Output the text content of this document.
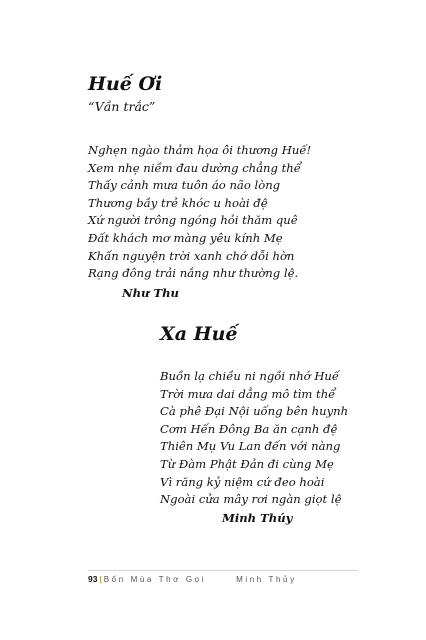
Huế Ơi
“Vần trắc”
Nghẹn ngào thảm họa ôi thương Huế!
Xem nhẹ niềm đau dường chẳng thể
Thấy cảnh mưa tuôn áo não lòng
Thương bầy trẻ khóc u hoài đệ
Xứ người trông ngóng hỏi thăm quê
Đất khách mơ màng yêu kính Mẹ
Khấn nguyện trời xanh chớ dỗi hờn
Rạng đông trải nắng như thường lệ.
Như Thu
Xa Huế
Buồn lạ chiều ni ngồi nhớ Huế
Trời mưa dai dẳng mô tìm thể
Cà phê Đại Nội uống bên huynh
Cơm Hến Đông Ba ăn cạnh đệ
Thiên Mụ Vu Lan đến với nàng
Từ Đàm Phật Đản đi cùng Mẹ
Vì răng kỷ niệm cứ đeo hoài
Ngoài cửa mây rơi ngàn giọt lệ
Minh Thúy
93 | Bốn Mùa Thơ Gọi	Minh Thủy
